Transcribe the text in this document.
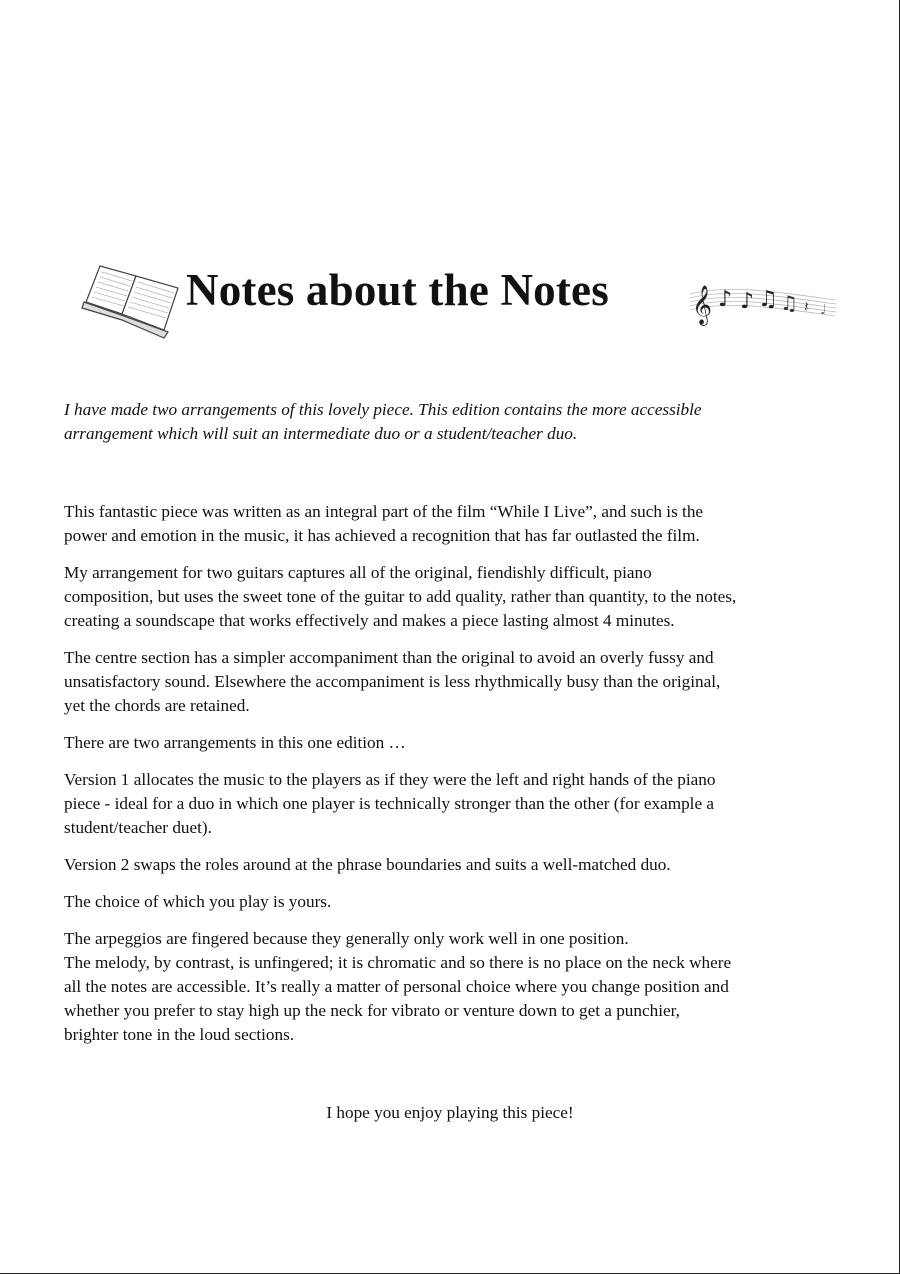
Notes about the Notes 𝄞 ♪ ♪ ♫ ♫ 𝄽 ♩

I have made two arrangements of this lovely piece. This edition contains the more accessible
arrangement which will suit an intermediate duo or a student/teacher duo.

This fantastic piece was written as an integral part of the film “While I Live”, and such is the
power and emotion in the music, it has achieved a recognition that has far outlasted the film.

My arrangement for two guitars captures all of the original, fiendishly difficult, piano
composition, but uses the sweet tone of the guitar to add quality, rather than quantity, to the notes,
creating a soundscape that works effectively and makes a piece lasting almost 4 minutes.

The centre section has a simpler accompaniment than the original to avoid an overly fussy and
unsatisfactory sound. Elsewhere the accompaniment is less rhythmically busy than the original,
yet the chords are retained.

There are two arrangements in this one edition …

Version 1 allocates the music to the players as if they were the left and right hands of the piano
piece - ideal for a duo in which one player is technically stronger than the other (for example a
student/teacher duet).

Version 2 swaps the roles around at the phrase boundaries and suits a well-matched duo.

The choice of which you play is yours.

The arpeggios are fingered because they generally only work well in one position.
The melody, by contrast, is unfingered; it is chromatic and so there is no place on the neck where
all the notes are accessible. It’s really a matter of personal choice where you change position and
whether you prefer to stay high up the neck for vibrato or venture down to get a punchier,
brighter tone in the loud sections.

I hope you enjoy playing this piece!
